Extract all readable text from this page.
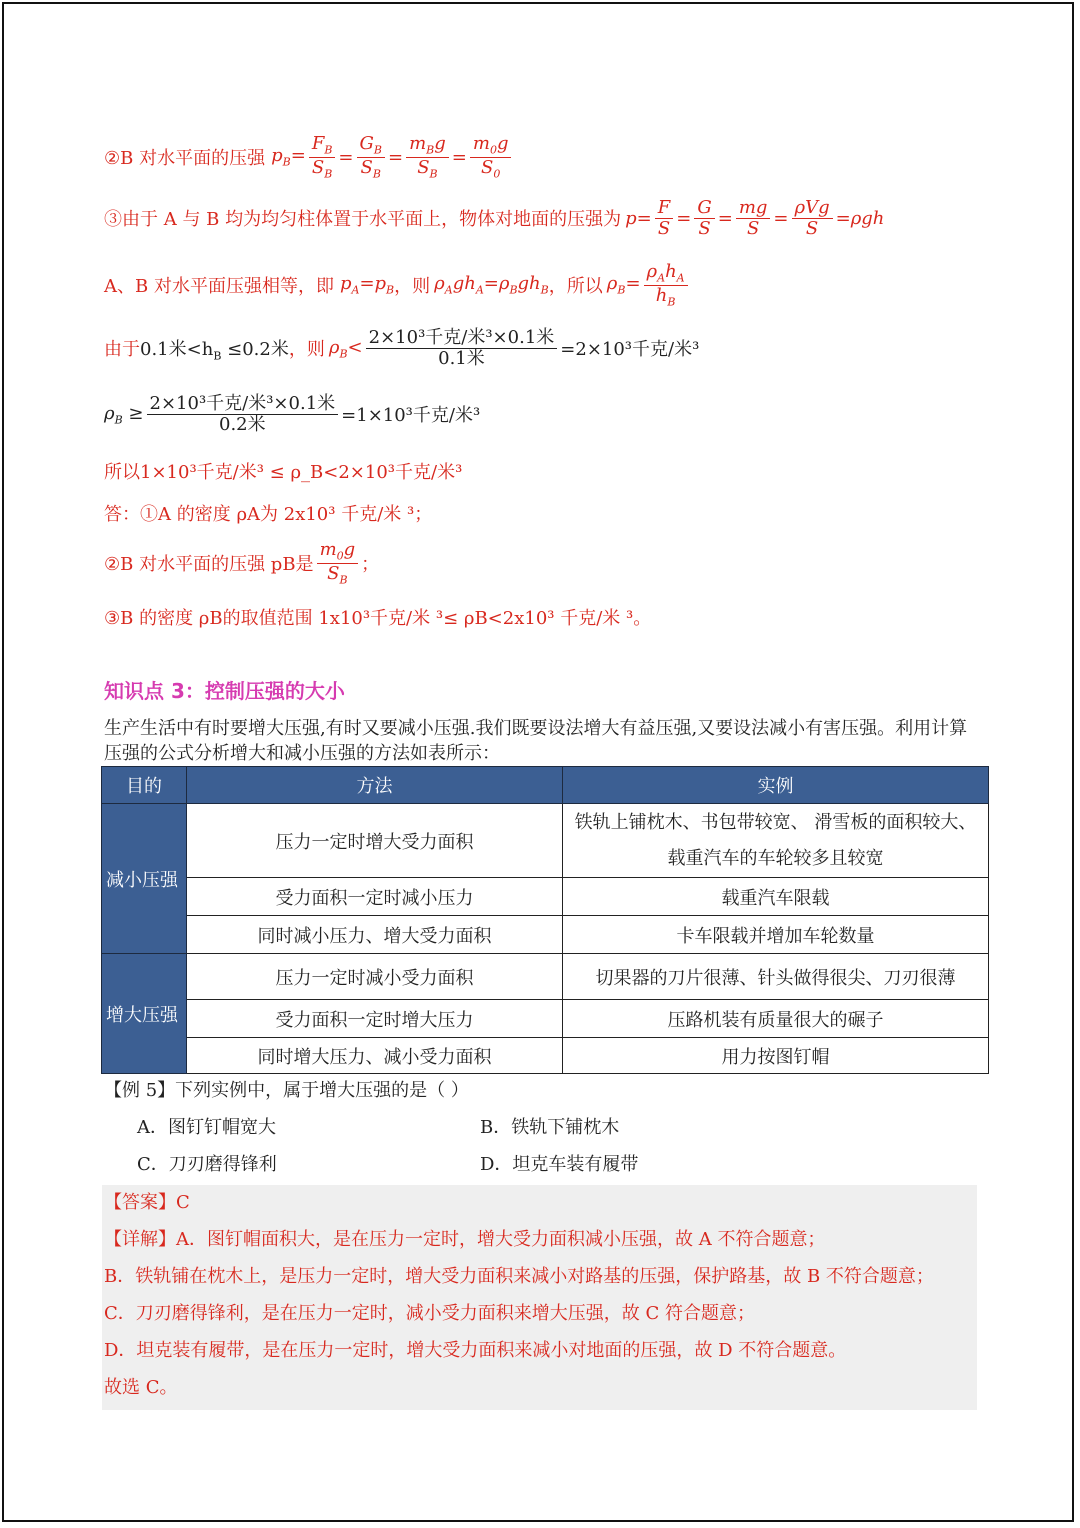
②B 对水平面的压强 $p_B= \frac{F_B}{S_B} = \frac{G_B}{S_B} = \frac{m_Bg}{S_B} = \frac{m_0g}{S_0}$
③由于 A 与 B 均为均匀柱体置于水平面上，物体对地面的压强为 $p= \frac{F}{S} = \frac{G}{S} = \frac{mg}{S} = \frac{\text{ρVg}}{S} = \rho gh$
A、B 对水平面压强相等，即 $p_A=p_B$ ，则 $\rho_Agh_A=\rho_Bgh_B$ ，所以 $\rho_B= \frac{\rho_Ah_A}{h_B}$
由于 0.1米$<h_B \le 0.2$米 ，则 $\rho_B< \frac{\text{2×10³千克/米³×0.1米}}{\text{0.1米}} =2\times 10^3$千克/米³
$\rho_B \ge \frac{\text{2×10³千克/米³×0.1米}}{\text{0.2米}} =1\times 10^3$千克/米³
所以1×10³千克/米³ ≤ ρ_B<2×10³千克/米³
答：①A 的密度 ρA为 2x10³ 千克/米 ³；
②B 对水平面的压强 pB是 $\frac{m_0g}{S_B}$ ；
③B 的密度 ρB的取值范围 1x10³千克/米 ³≤ ρB<2x10³ 千克/米 ³。
知识点 3：控制压强的大小
生产生活中有时要增大压强,有时又要减小压强.我们既要设法增大有益压强,又要设法减小有害压强。利用计算压强的公式分析增大和减小压强的方法如表所示：
目的	方法	实例
减小压强	压力一定时增大受力面积	铁轨上铺枕木、书包带较宽、 滑雪板的面积较大、载重汽车的车轮较多且较宽
	受力面积一定时减小压力	载重汽车限载
	同时减小压力、增大受力面积	卡车限载并增加车轮数量
增大压强	压力一定时减小受力面积	切果器的刀片很薄、针头做得很尖、刀刃很薄
	受力面积一定时增大压力	压路机装有质量很大的碾子
	同时增大压力、减小受力面积	用力按图钉帽
【例 5】下列实例中，属于增大压强的是（ ）
A．图钉钉帽宽大	B．铁轨下铺枕木
C．刀刃磨得锋利	D．坦克车装有履带
【答案】C
【详解】A．图钉帽面积大，是在压力一定时，增大受力面积减小压强，故 A 不符合题意；
B．铁轨铺在枕木上，是压力一定时，增大受力面积来减小对路基的压强，保护路基，故 B 不符合题意；
C．刀刃磨得锋利，是在压力一定时，减小受力面积来增大压强，故 C 符合题意；
D．坦克装有履带，是在压力一定时，增大受力面积来减小对地面的压强，故 D 不符合题意。
故选 C。
